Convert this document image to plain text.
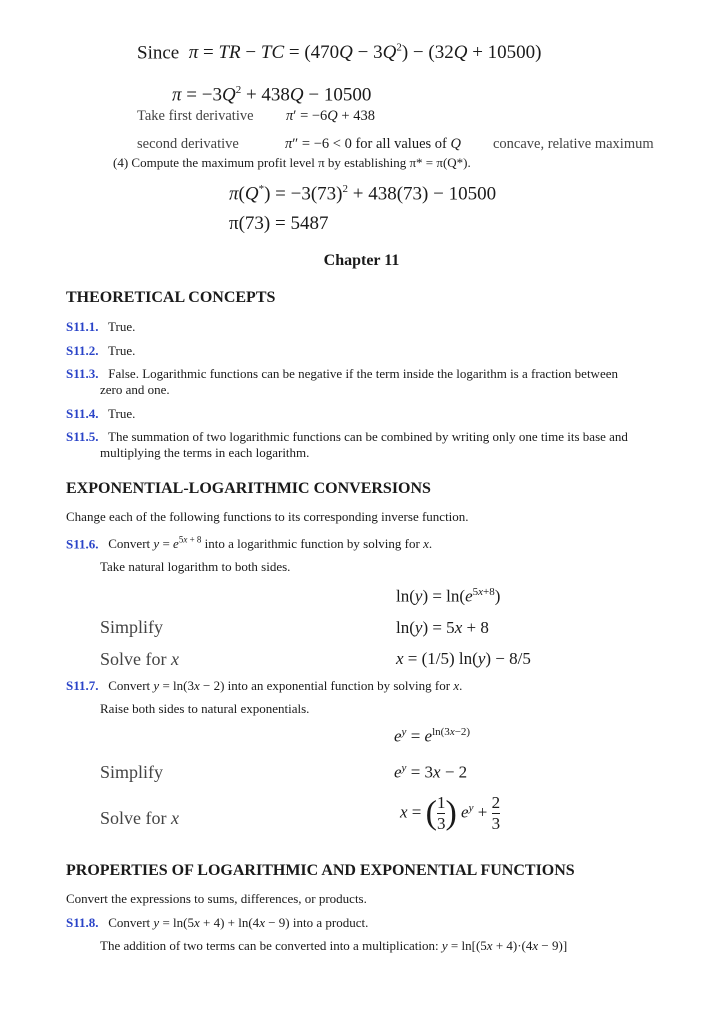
Since π = TR − TC = $(470Q - 3Q^2) - (32Q + 10500)$
$\pi = -3Q^2 + 438Q - 10500$
Take first derivative π′ = −6Q + 438
second derivative	π″ = −6 < 0 for all values of Q concave, relative maximum
(4) Compute the maximum profit level π by establishing π* = π(Q*).
$\pi(Q^*) = -3(73)^2 + 438(73) - 10500$
π(73) = 5487
Chapter 11
THEORETICAL CONCEPTS
S11.1. True.
S11.2. True.
S11.3. False. Logarithmic functions can be negative if the term inside the logarithm is a fraction between
zero and one.
S11.4. True.
S11.5. The summation of two logarithmic functions can be combined by writing only one time its base and
multiplying the terms in each logarithm.
EXPONENTIAL-LOGARITHMIC CONVERSIONS
Change each of the following functions to its corresponding inverse function.
S11.6. Convert $y = e^{5x + 8}$ into a logarithmic function by solving for x.
Take natural logarithm to both sides.
$\ln(y) = \ln(e^{5x+8})$
Simplify	ln(y) = 5x + 8
Solve for x	x = (1/5) ln(y) − 8/5
S11.7. Convert y = ln(3x − 2) into an exponential function by solving for x.
Raise both sides to natural exponentials.
$e^y = e^{ln(3x-2)}$
Simplify	$e^y = 3x - 2$
Solve for x	x = ( $\frac{1}{3}$ ) $e^y + \frac{2}{3}$
PROPERTIES OF LOGARITHMIC AND EXPONENTIAL FUNCTIONS
Convert the expressions to sums, differences, or products.
S11.8. Convert y = ln(5x + 4) + ln(4x − 9) into a product.
The addition of two terms can be converted into a multiplication: y = ln[(5x + 4)·(4x − 9)]
